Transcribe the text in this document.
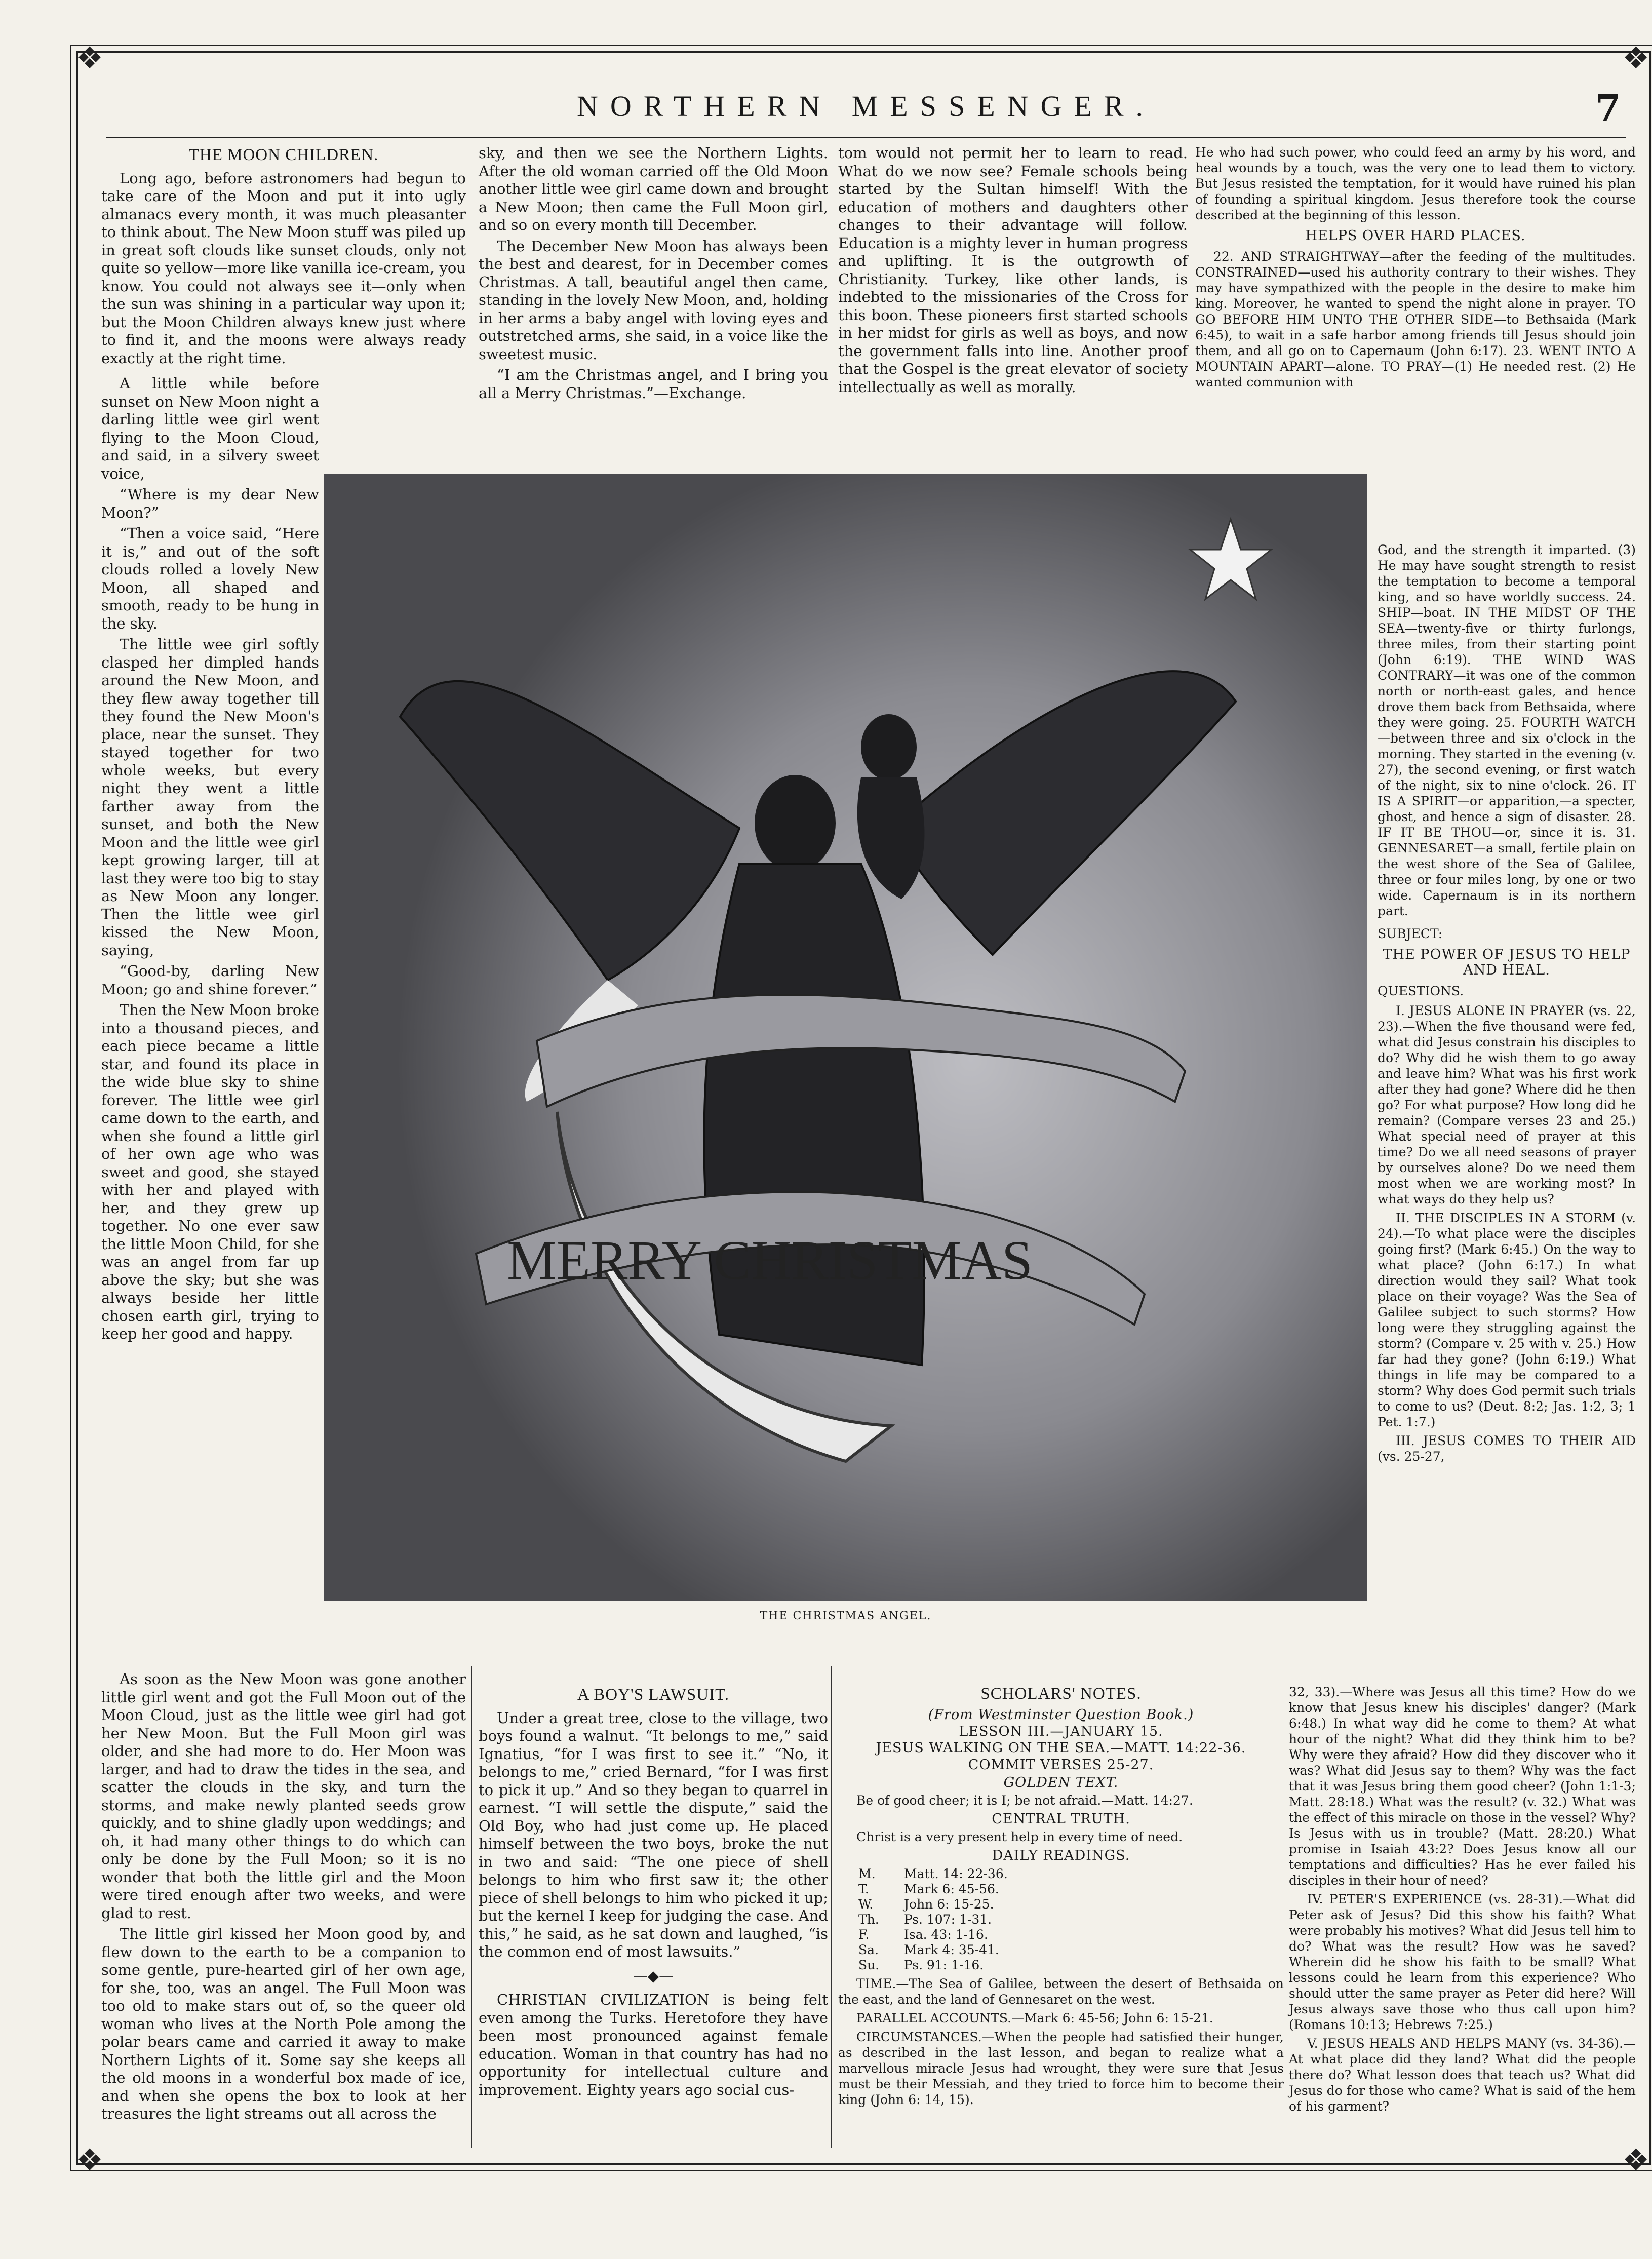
❖	❖
❖	❖
NORTHERN MESSENGER.	7
THE MOON CHILDREN.

Long ago, before astronomers had begun to take care of the Moon and put it into ugly almanacs every month, it was much pleasanter to think about. The New Moon stuff was piled up in great soft clouds like sunset clouds, only not quite so yellow—more like vanilla ice-cream, you know. You could not always see it—only when the sun was shining in a particular way upon it; but the Moon Children always knew just where to find it, and the moons were always ready exactly at the right time.

A little while before sunset on New Moon night a darling little wee girl went flying to the Moon Cloud, and said, in a silvery sweet voice,

“Where is my dear New Moon?”

“Then a voice said, “Here it is,” and out of the soft clouds rolled a lovely New Moon, all shaped and smooth, ready to be hung in the sky.

The little wee girl softly clasped her dimpled hands around the New Moon, and they flew away together till they found the New Moon's place, near the sunset. They stayed together for two whole weeks, but every night they went a little farther away from the sunset, and both the New Moon and the little wee girl kept growing larger, till at last they were too big to stay as New Moon any longer. Then the little wee girl kissed the New Moon, saying,

“Good-by, darling New Moon; go and shine forever.”

Then the New Moon broke into a thousand pieces, and each piece became a little star, and found its place in the wide blue sky to shine forever. The little wee girl came down to the earth, and when she found a little girl of her own age who was sweet and good, she stayed with her and played with her, and they grew up together. No one ever saw the little Moon Child, for she was an angel from far up above the sky; but she was always beside her little chosen earth girl, trying to keep her good and happy.

As soon as the New Moon was gone another little girl went and got the Full Moon out of the Moon Cloud, just as the little wee girl had got her New Moon. But the Full Moon girl was older, and she had more to do. Her Moon was larger, and had to draw the tides in the sea, and scatter the clouds in the sky, and turn the storms, and make newly planted seeds grow quickly, and to shine gladly upon weddings; and oh, it had many other things to do which can only be done by the Full Moon; so it is no wonder that both the little girl and the Moon were tired enough after two weeks, and were glad to rest.

The little girl kissed her Moon good by, and flew down to the earth to be a companion to some gentle, pure-hearted girl of her own age, for she, too, was an angel. The Full Moon was too old to make stars out of, so the queer old woman who lives at the North Pole among the polar bears came and carried it away to make Northern Lights of it. Some say she keeps all the old moons in a wonderful box made of ice, and when she opens the box to look at her treasures the light streams out all across the

sky, and then we see the Northern Lights. After the old woman carried off the Old Moon another little wee girl came down and brought a New Moon; then came the Full Moon girl, and so on every month till December.

The December New Moon has always been the best and dearest, for in December comes Christmas. A tall, beautiful angel then came, standing in the lovely New Moon, and, holding in her arms a baby angel with loving eyes and outstretched arms, she said, in a voice like the sweetest music.

“I am the Christmas angel, and I bring you all a Merry Christmas.”—Exchange.

tom would not permit her to learn to read. What do we now see? Female schools being started by the Sultan himself! With the education of mothers and daughters other changes to their advantage will follow. Education is a mighty lever in human progress and uplifting. It is the outgrowth of Christianity. Turkey, like other lands, is indebted to the missionaries of the Cross for this boon. These pioneers first started schools in her midst for girls as well as boys, and now the government falls into line. Another proof that the Gospel is the great elevator of society intellectually as well as morally.

He who had such power, who could feed an army by his word, and heal wounds by a touch, was the very one to lead them to victory. But Jesus resisted the temptation, for it would have ruined his plan of founding a spiritual kingdom. Jesus therefore took the course described at the beginning of this lesson.

HELPS OVER HARD PLACES.

22. AND STRAIGHTWAY—after the feeding of the multitudes. CONSTRAINED—used his authority contrary to their wishes. They may have sympathized with the people in the desire to make him king. Moreover, he wanted to spend the night alone in prayer. TO GO BEFORE HIM UNTO THE OTHER SIDE—to Bethsaida (Mark 6:45), to wait in a safe harbor among friends till Jesus should join them, and all go on to Capernaum (John 6:17). 23. WENT INTO A MOUNTAIN APART—alone. TO PRAY—(1) He needed rest. (2) He wanted communion with

God, and the strength it imparted. (3) He may have sought strength to resist the temptation to become a temporal king, and so have worldly success. 24. SHIP—boat. IN THE MIDST OF THE SEA—twenty-five or thirty furlongs, three miles, from their starting point (John 6:19). THE WIND WAS CONTRARY—it was one of the common north or north-east gales, and hence drove them back from Bethsaida, where they were going. 25. FOURTH WATCH—between three and six o'clock in the morning. They started in the evening (v. 27), the second evening, or first watch of the night, six to nine o'clock. 26. IT IS A SPIRIT—or apparition,—a specter, ghost, and hence a sign of disaster. 28. IF IT BE THOU—or, since it is. 31. GENNESARET—a small, fertile plain on the west shore of the Sea of Galilee, three or four miles long, by one or two wide. Capernaum is in its northern part.

SUBJECT:
THE POWER OF JESUS TO HELP AND HEAL.
QUESTIONS.

I. JESUS ALONE IN PRAYER (vs. 22, 23).—When the five thousand were fed, what did Jesus constrain his disciples to do? Why did he wish them to go away and leave him? What was his first work after they had gone? Where did he then go? For what purpose? How long did he remain? (Compare verses 23 and 25.) What special need of prayer at this time? Do we all need seasons of prayer by ourselves alone? Do we need them most when we are working most? In what ways do they help us?

II. THE DISCIPLES IN A STORM (v. 24).—To what place were the disciples going first? (Mark 6:45.) On the way to what place? (John 6:17.) In what direction would they sail? What took place on their voyage? Was the Sea of Galilee subject to such storms? How long were they struggling against the storm? (Compare v. 25 with v. 25.) How far had they gone? (John 6:19.) What things in life may be compared to a storm? Why does God permit such trials to come to us? (Deut. 8:2; Jas. 1:2, 3; 1 Pet. 1:7.)

III. JESUS COMES TO THEIR AID (vs. 25-27,

MERRY CHRISTMAS
THE CHRISTMAS ANGEL.
A BOY'S LAWSUIT.

Under a great tree, close to the village, two boys found a walnut. “It belongs to me,” said Ignatius, “for I was first to see it.” “No, it belongs to me,” cried Bernard, “for I was first to pick it up.” And so they began to quarrel in earnest. “I will settle the dispute,” said the Old Boy, who had just come up. He placed himself between the two boys, broke the nut in two and said: “The one piece of shell belongs to him who first saw it; the other piece of shell belongs to him who picked it up; but the kernel I keep for judging the case. And this,” he said, as he sat down and laughed, “is the common end of most lawsuits.”

—◆—

CHRISTIAN CIVILIZATION is being felt even among the Turks. Heretofore they have been most pronounced against female education. Woman in that country has had no opportunity for intellectual culture and improvement. Eighty years ago social cus-

SCHOLARS' NOTES.
(From Westminster Question Book.)
LESSON III.—JANUARY 15.
JESUS WALKING ON THE SEA.—MATT. 14:22-36.
COMMIT VERSES 25-27.
GOLDEN TEXT.

Be of good cheer; it is I; be not afraid.—Matt. 14:27.

CENTRAL TRUTH.

Christ is a very present help in every time of need.

DAILY READINGS.
M. Matt. 14: 22-36.
T.	Mark 6: 45-56.
W. John 6: 15-25.
Th. Ps. 107: 1-31.
F.	Isa. 43: 1-16.
Sa. Mark 4: 35-41.
Su. Ps. 91: 1-16.

TIME.—The Sea of Galilee, between the desert of Bethsaida on the east, and the land of Gennesaret on the west.

PARALLEL ACCOUNTS.—Mark 6: 45-56; John 6: 15-21.

CIRCUMSTANCES.—When the people had satisfied their hunger, as described in the last lesson, and began to realize what a marvellous miracle Jesus had wrought, they were sure that Jesus must be their Messiah, and they tried to force him to become their king (John 6: 14, 15).

32, 33).—Where was Jesus all this time? How do we know that Jesus knew his disciples' danger? (Mark 6:48.) In what way did he come to them? At what hour of the night? What did they think him to be? Why were they afraid? How did they discover who it was? What did Jesus say to them? Why was the fact that it was Jesus bring them good cheer? (John 1:1-3; Matt. 28:18.) What was the result? (v. 32.) What was the effect of this miracle on those in the vessel? Why? Is Jesus with us in trouble? (Matt. 28:20.) What promise in Isaiah 43:2? Does Jesus know all our temptations and difficulties? Has he ever failed his disciples in their hour of need?

IV. PETER'S EXPERIENCE (vs. 28-31).—What did Peter ask of Jesus? Did this show his faith? What were probably his motives? What did Jesus tell him to do? What was the result? How was he saved? Wherein did he show his faith to be small? What lessons could he learn from this experience? Who should utter the same prayer as Peter did here? Will Jesus always save those who thus call upon him? (Romans 10:13; Hebrews 7:25.)

V. JESUS HEALS AND HELPS MANY (vs. 34-36).—At what place did they land? What did the people there do? What lesson does that teach us? What did Jesus do for those who came? What is said of the hem of his garment?
